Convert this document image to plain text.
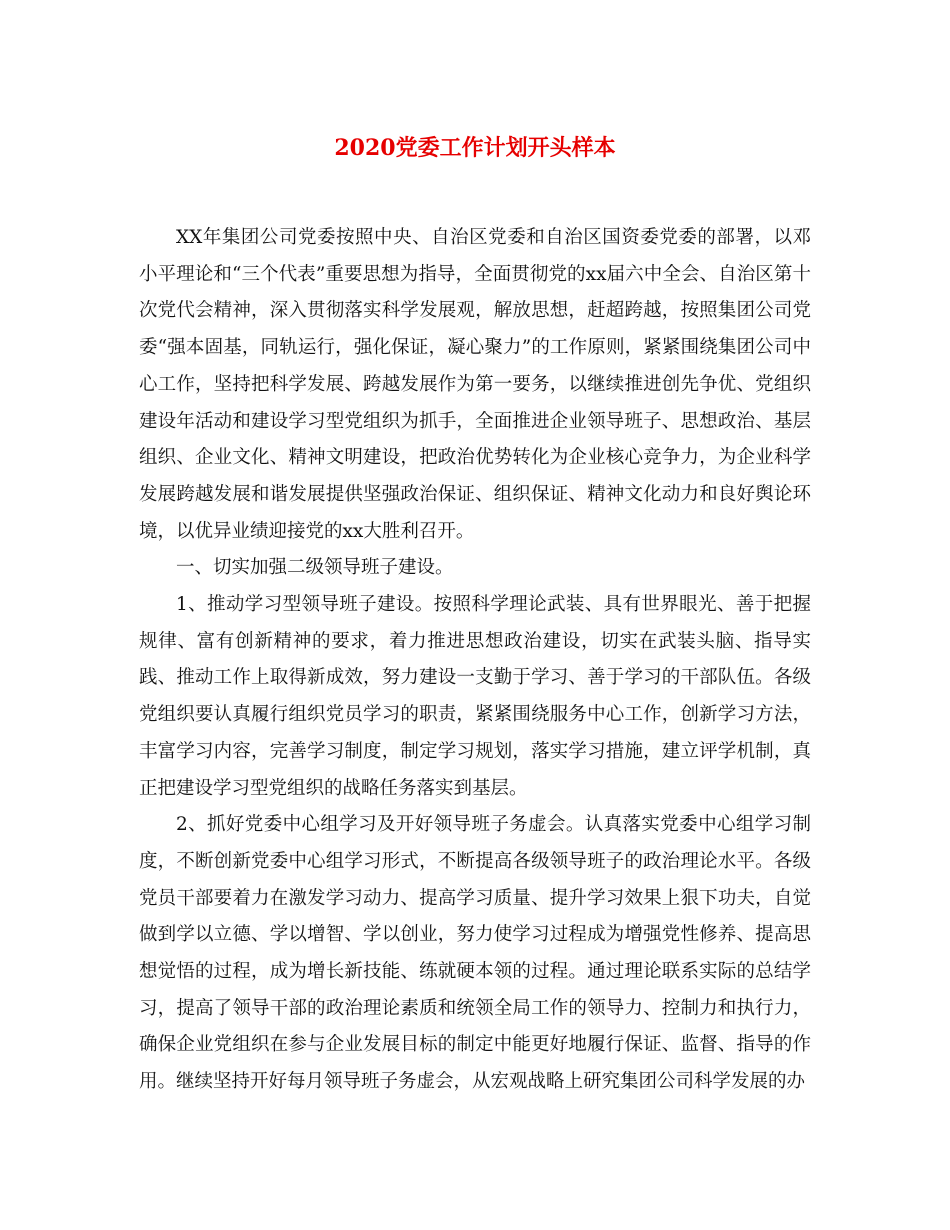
2020党委工作计划开头样本

XX年集团公司党委按照中央、自治区党委和自治区国资委党委的部署，以邓小平理论和“三个代表”重要思想为指导，全面贯彻党的xx届六中全会、自治区第十次党代会精神，深入贯彻落实科学发展观，解放思想，赶超跨越，按照集团公司党委“强本固基，同轨运行，强化保证，凝心聚力”的工作原则，紧紧围绕集团公司中心工作，坚持把科学发展、跨越发展作为第一要务，以继续推进创先争优、党组织建设年活动和建设学习型党组织为抓手，全面推进企业领导班子、思想政治、基层组织、企业文化、精神文明建设，把政治优势转化为企业核心竞争力，为企业科学发展跨越发展和谐发展提供坚强政治保证、组织保证、精神文化动力和良好舆论环境，以优异业绩迎接党的xx大胜利召开。

一、切实加强二级领导班子建设。

1、推动学习型领导班子建设。按照科学理论武装、具有世界眼光、善于把握规律、富有创新精神的要求，着力推进思想政治建设，切实在武装头脑、指导实践、推动工作上取得新成效，努力建设一支勤于学习、善于学习的干部队伍。各级党组织要认真履行组织党员学习的职责，紧紧围绕服务中心工作，创新学习方法，丰富学习内容，完善学习制度，制定学习规划，落实学习措施，建立评学机制，真正把建设学习型党组织的战略任务落实到基层。

2、抓好党委中心组学习及开好领导班子务虚会。认真落实党委中心组学习制度，不断创新党委中心组学习形式，不断提高各级领导班子的政治理论水平。各级党员干部要着力在激发学习动力、提高学习质量、提升学习效果上狠下功夫，自觉做到学以立德、学以增智、学以创业，努力使学习过程成为增强党性修养、提高思想觉悟的过程，成为增长新技能、练就硬本领的过程。通过理论联系实际的总结学习，提高了领导干部的政治理论素质和统领全局工作的领导力、控制力和执行力，确保企业党组织在参与企业发展目标的制定中能更好地履行保证、监督、指导的作用。继续坚持开好每月领导班子务虚会，从宏观战略上研究集团公司科学发展的办
